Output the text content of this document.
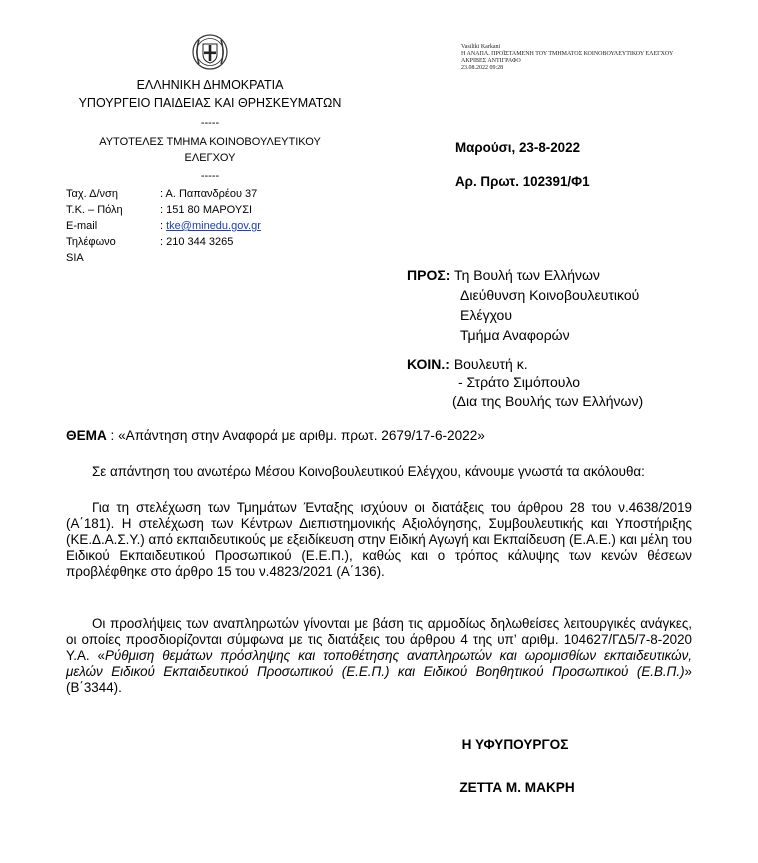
ΕΛΛΗΝΙΚΗ ΔΗΜΟΚΡΑΤΙΑ
ΥΠΟΥΡΓΕΙΟ ΠΑΙΔΕΙΑΣ ΚΑΙ ΘΡΗΣΚΕΥΜΑΤΩΝ
-----
ΑΥΤΟΤΕΛΕΣ ΤΜΗΜΑ ΚΟΙΝΟΒΟΥΛΕΥΤΙΚΟΥ
ΕΛΕΓΧΟΥ
-----
Ταχ. Δ/νση	: Α. Παπανδρέου 37
Τ.Κ. – Πόλη	: 151 80 ΜΑΡΟΥΣΙ
E-mail	: tke@minedu.gov.gr
Τηλέφωνο	: 210 344 3265
SIA
Vasiliki Karkani
Η ΑΝΑΠΛ. ΠΡΟΪΣΤΑΜΕΝΗ ΤΟΥ ΤΜΗΜΑΤΟΣ ΚΟΙΝΟΒΟΥΛΕΥΤΙΚΟΥ ΕΛΕΓΧΟΥ
ΑΚΡΙΒΕΣ ΑΝΤΙΓΡΑΦΟ
23.08.2022 09:28
Μαρούσι, 23-8-2022
Αρ. Πρωτ. 102391/Φ1
ΠΡΟΣ: Τη Βουλή των Ελλήνων
Διεύθυνση Κοινοβουλευτικού
Ελέγχου
Τμήμα Αναφορών
ΚΟΙΝ.: Βουλευτή κ.
- Στράτο Σιμόπουλο
(Δια της Βουλής των Ελλήνων)
ΘΕΜΑ : «Απάντηση στην Αναφορά με αριθμ. πρωτ. 2679/17-6-2022»
Σε απάντηση του ανωτέρω Μέσου Κοινοβουλευτικού Ελέγχου, κάνουμε γνωστά τα ακόλουθα:
Για τη στελέχωση των Τμημάτων Ένταξης ισχύουν οι διατάξεις του άρθρου 28 του ν.4638/2019 (Α΄181). Η στελέχωση των Κέντρων Διεπιστημονικής Αξιολόγησης, Συμβουλευτικής και Υποστήριξης (ΚΕ.Δ.Α.Σ.Υ.) από εκπαιδευτικούς με εξειδίκευση στην Ειδική Αγωγή και Εκπαίδευση (Ε.Α.Ε.) και μέλη του Ειδικού Εκπαιδευτικού Προσωπικού (Ε.Ε.Π.), καθώς και ο τρόπος κάλυψης των κενών θέσεων προβλέφθηκε στο άρθρο 15 του ν.4823/2021 (Α΄136).
Οι προσλήψεις των αναπληρωτών γίνονται με βάση τις αρμοδίως δηλωθείσες λειτουργικές ανάγκες, οι οποίες προσδιορίζονται σύμφωνα με τις διατάξεις του άρθρου 4 της υπ’ αριθμ. 104627/ΓΔ5/7-8-2020 Υ.Α. «Ρύθμιση θεμάτων πρόσληψης και τοποθέτησης αναπληρωτών και ωρομισθίων εκπαιδευτικών, μελών Ειδικού Εκπαιδευτικού Προσωπικού (Ε.Ε.Π.) και Ειδικού Βοηθητικού Προσωπικού (Ε.Β.Π.)» (Β΄3344).
Η ΥΦΥΠΟΥΡΓΟΣ
ΖΕΤΤΑ Μ. ΜΑΚΡΗ
